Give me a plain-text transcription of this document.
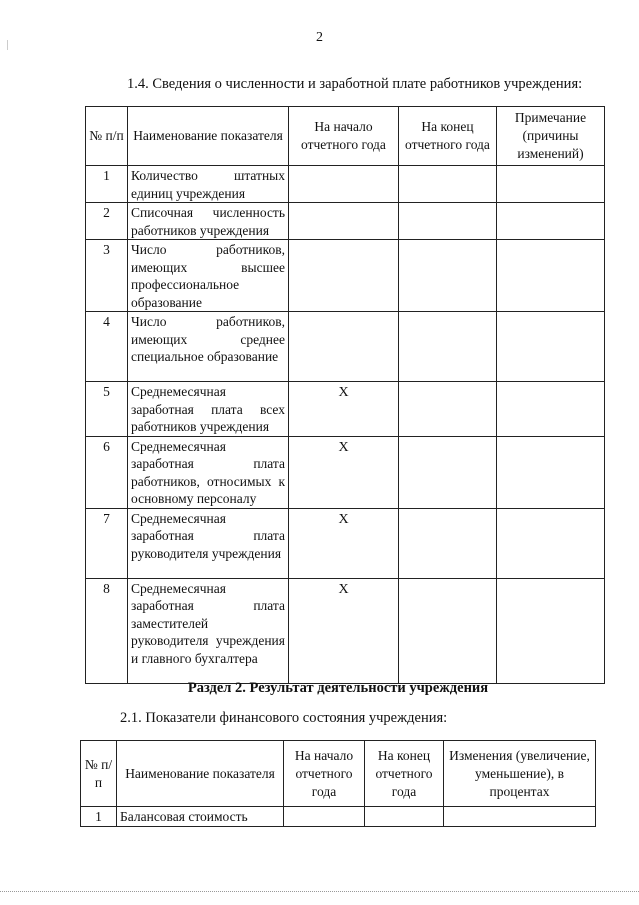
2
1.4. Сведения о численности и заработной плате работников учреждения:
№ п/п	Наименование показателя	На начало отчетного года	На конец отчетного года	Примечание (причины изменений)
1	Количество штатных единиц учреждения			
2	Списочная численность работников учреждения			
3	Число работников, имеющих высшее профессиональное образование			
4	Число работников, имеющих среднее специальное образование			
5	Среднемесячная заработная плата всех работников учреждения	Х		
6	Среднемесячная заработная плата работников, относимых к основному персоналу	Х		
7	Среднемесячная заработная плата руководителя учреждения	Х		
8	Среднемесячная заработная плата заместителей руководителя учреждения и главного бухгалтера	Х		
Раздел 2. Результат деятельности учреждения
2.1. Показатели финансового состояния учреждения:
№ п/п	Наименование показателя	На начало отчетного года	На конец отчетного года	Изменения (увеличение, уменьшение), в процентах
1	Балансовая стоимость			
